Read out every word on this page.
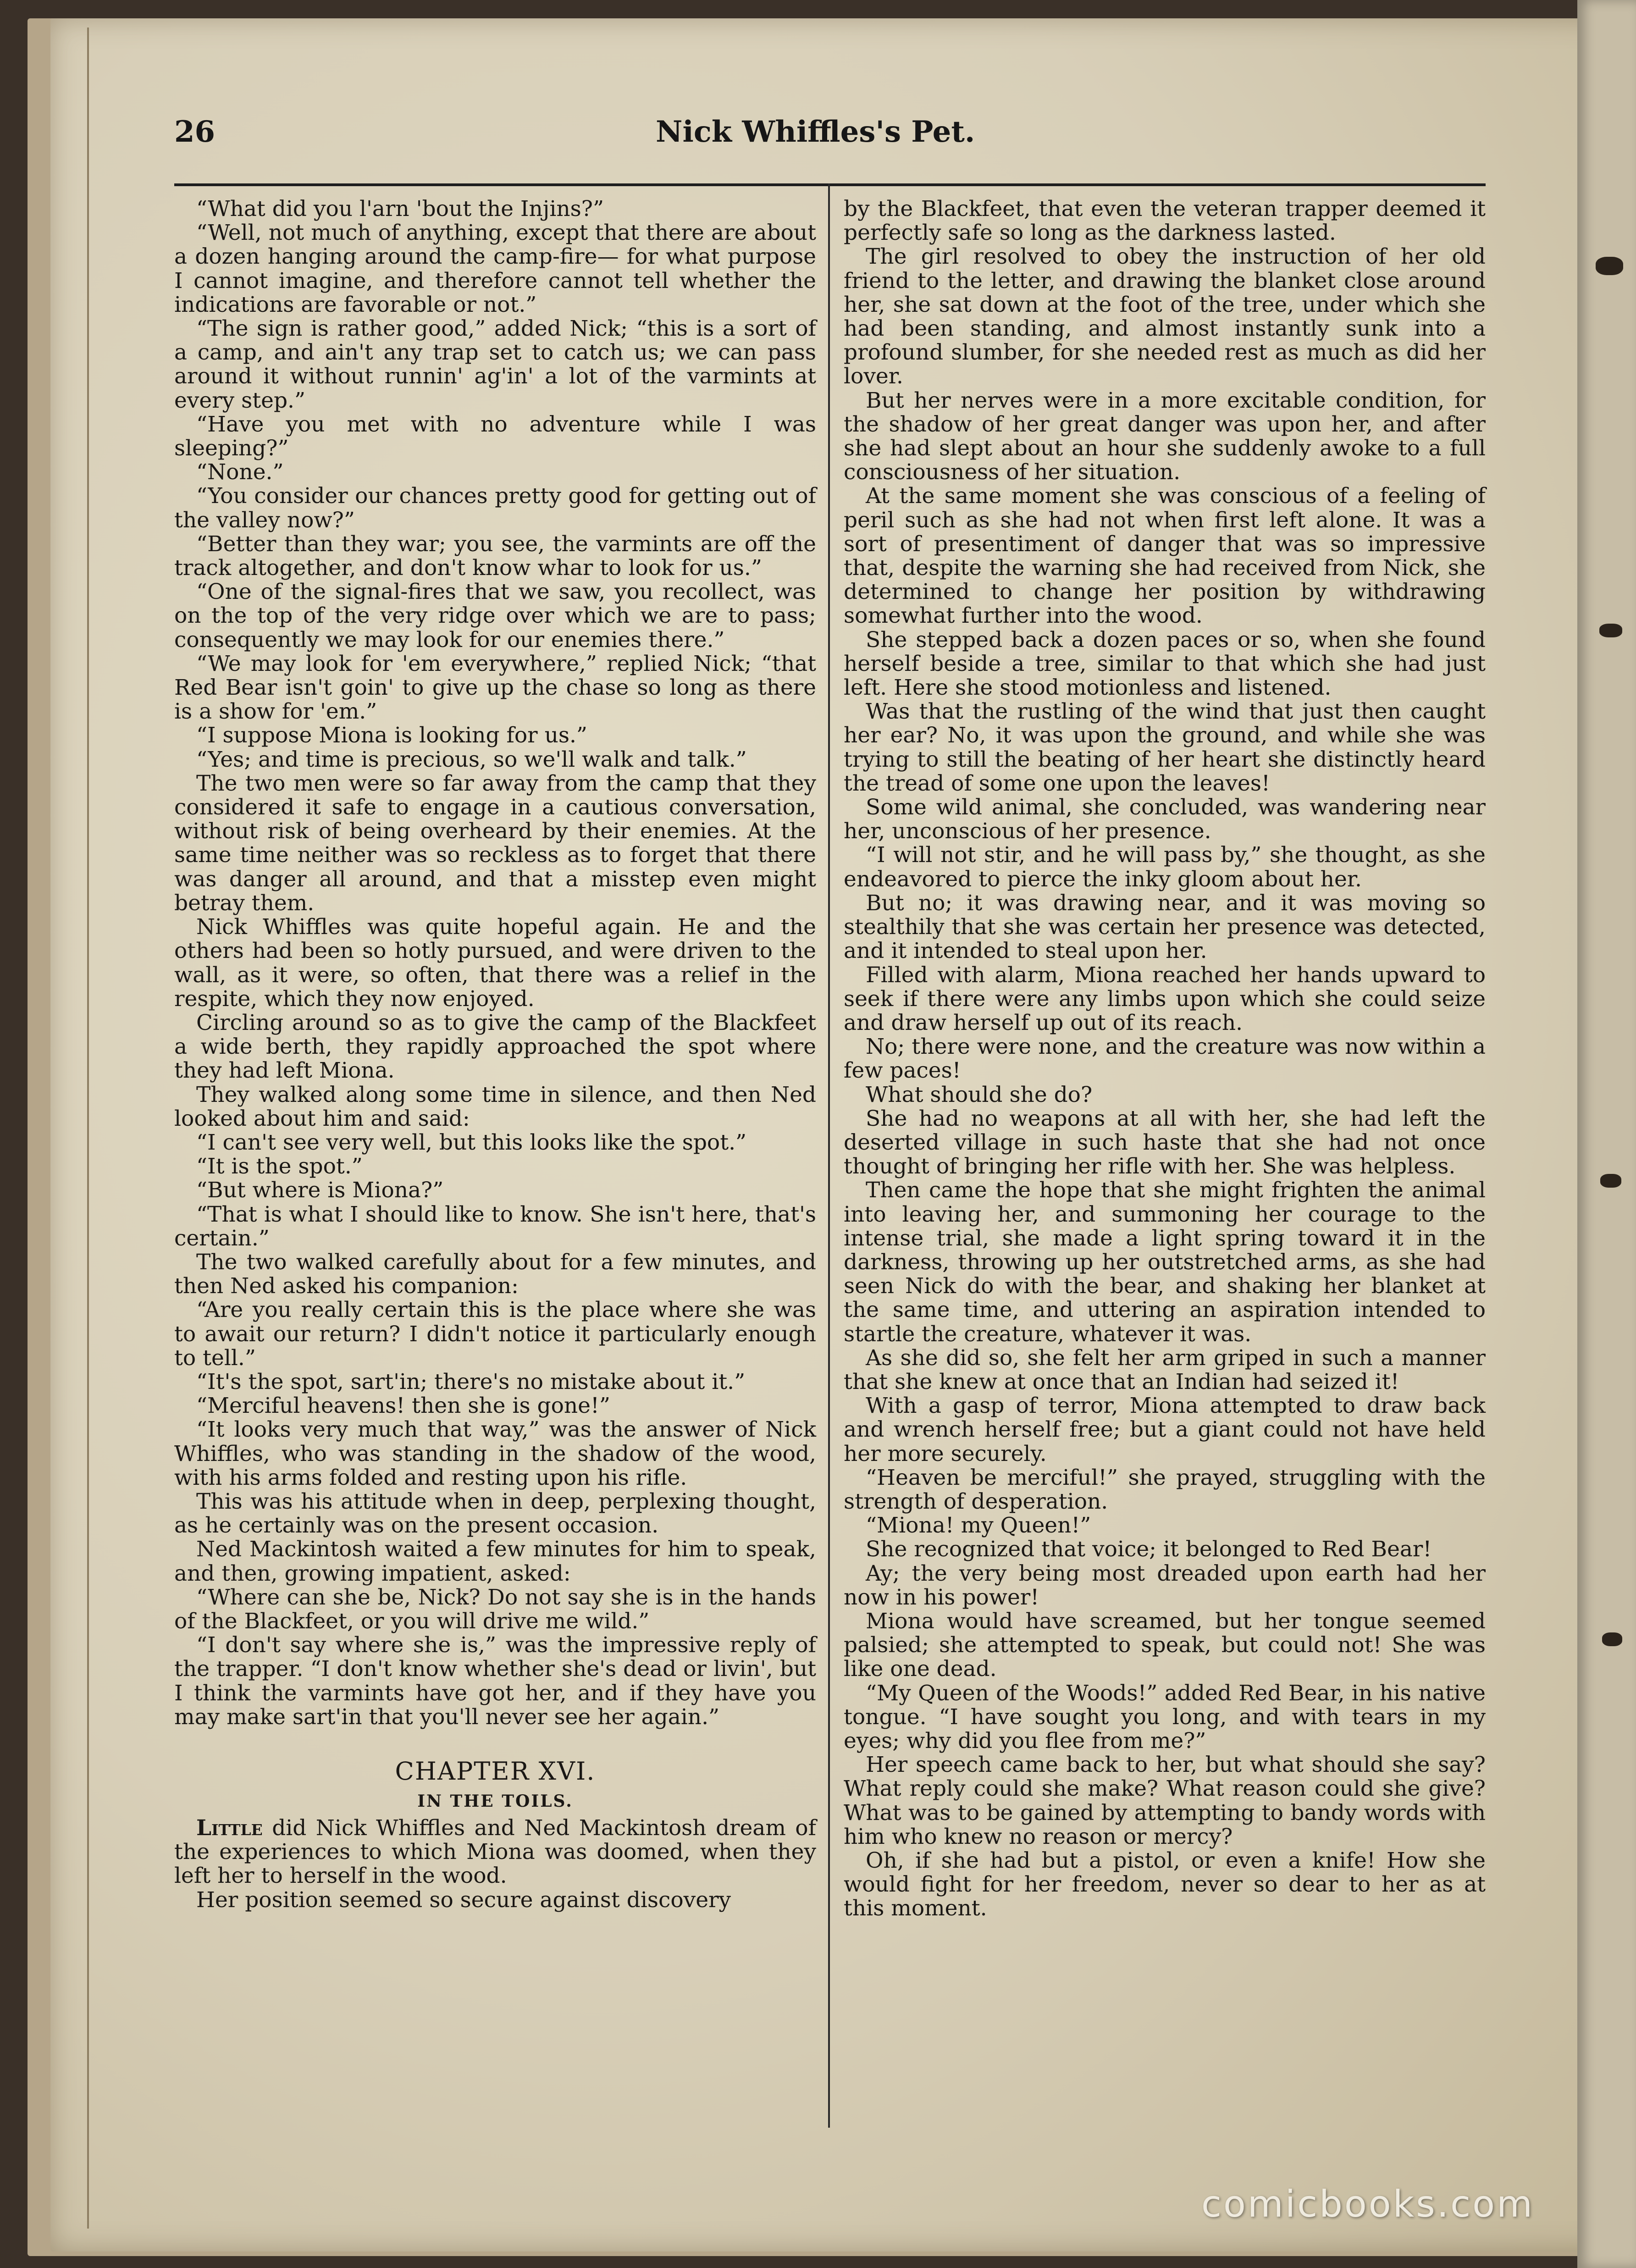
26	Nick Whiffles's Pet.

“What did you l'arn 'bout the Injins?”

“Well, not much of anything, except that there are about a dozen hanging around the camp-fire— for what purpose I cannot imagine, and therefore cannot tell whether the indications are favorable or not.”

“The sign is rather good,” added Nick; “this is a sort of a camp, and ain't any trap set to catch us; we can pass around it without runnin' ag'in' a lot of the varmints at every step.”

“Have you met with no adventure while I was sleeping?”

“None.”

“You consider our chances pretty good for getting out of the valley now?”

“Better than they war; you see, the varmints are off the track altogether, and don't know whar to look for us.”

“One of the signal-fires that we saw, you recollect, was on the top of the very ridge over which we are to pass; consequently we may look for our enemies there.”

“We may look for 'em everywhere,” replied Nick; “that Red Bear isn't goin' to give up the chase so long as there is a show for 'em.”

“I suppose Miona is looking for us.”

“Yes; and time is precious, so we'll walk and talk.”

The two men were so far away from the camp that they considered it safe to engage in a cautious conversation, without risk of being overheard by their enemies. At the same time neither was so reckless as to forget that there was danger all around, and that a misstep even might betray them.

Nick Whiffles was quite hopeful again. He and the others had been so hotly pursued, and were driven to the wall, as it were, so often, that there was a relief in the respite, which they now enjoyed.

Circling around so as to give the camp of the Blackfeet a wide berth, they rapidly approached the spot where they had left Miona.

They walked along some time in silence, and then Ned looked about him and said:

“I can't see very well, but this looks like the spot.”

“It is the spot.”

“But where is Miona?”

“That is what I should like to know. She isn't here, that's certain.”

The two walked carefully about for a few minutes, and then Ned asked his companion:

“Are you really certain this is the place where she was to await our return? I didn't notice it particularly enough to tell.”

“It's the spot, sart'in; there's no mistake about it.”

“Merciful heavens! then she is gone!”

“It looks very much that way,” was the answer of Nick Whiffles, who was standing in the shadow of the wood, with his arms folded and resting upon his rifle.

This was his attitude when in deep, perplexing thought, as he certainly was on the present occasion.

Ned Mackintosh waited a few minutes for him to speak, and then, growing impatient, asked:

“Where can she be, Nick? Do not say she is in the hands of the Blackfeet, or you will drive me wild.”

“I don't say where she is,” was the impressive reply of the trapper. “I don't know whether she's dead or livin', but I think the varmints have got her, and if they have you may make sart'in that you'll never see her again.”

CHAPTER XVI.
IN THE TOILS.

Little did Nick Whiffles and Ned Mackintosh dream of the experiences to which Miona was doomed, when they left her to herself in the wood.

Her position seemed so secure against discovery

by the Blackfeet, that even the veteran trapper deemed it perfectly safe so long as the darkness lasted.

The girl resolved to obey the instruction of her old friend to the letter, and drawing the blanket close around her, she sat down at the foot of the tree, under which she had been standing, and almost instantly sunk into a profound slumber, for she needed rest as much as did her lover.

But her nerves were in a more excitable condition, for the shadow of her great danger was upon her, and after she had slept about an hour she suddenly awoke to a full consciousness of her situation.

At the same moment she was conscious of a feeling of peril such as she had not when first left alone. It was a sort of presentiment of danger that was so impressive that, despite the warning she had received from Nick, she determined to change her position by withdrawing somewhat further into the wood.

She stepped back a dozen paces or so, when she found herself beside a tree, similar to that which she had just left. Here she stood motionless and listened.

Was that the rustling of the wind that just then caught her ear? No, it was upon the ground, and while she was trying to still the beating of her heart she distinctly heard the tread of some one upon the leaves!

Some wild animal, she concluded, was wandering near her, unconscious of her presence.

“I will not stir, and he will pass by,” she thought, as she endeavored to pierce the inky gloom about her.

But no; it was drawing near, and it was moving so stealthily that she was certain her presence was detected, and it intended to steal upon her.

Filled with alarm, Miona reached her hands upward to seek if there were any limbs upon which she could seize and draw herself up out of its reach.

No; there were none, and the creature was now within a few paces!

What should she do?

She had no weapons at all with her, she had left the deserted village in such haste that she had not once thought of bringing her rifle with her. She was helpless.

Then came the hope that she might frighten the animal into leaving her, and summoning her courage to the intense trial, she made a light spring toward it in the darkness, throwing up her outstretched arms, as she had seen Nick do with the bear, and shaking her blanket at the same time, and uttering an aspiration intended to startle the creature, whatever it was.

As she did so, she felt her arm griped in such a manner that she knew at once that an Indian had seized it!

With a gasp of terror, Miona attempted to draw back and wrench herself free; but a giant could not have held her more securely.

“Heaven be merciful!” she prayed, struggling with the strength of desperation.

“Miona! my Queen!”

She recognized that voice; it belonged to Red Bear!

Ay; the very being most dreaded upon earth had her now in his power!

Miona would have screamed, but her tongue seemed palsied; she attempted to speak, but could not! She was like one dead.

“My Queen of the Woods!” added Red Bear, in his native tongue. “I have sought you long, and with tears in my eyes; why did you flee from me?”

Her speech came back to her, but what should she say? What reply could she make? What reason could she give? What was to be gained by attempting to bandy words with him who knew no reason or mercy?

Oh, if she had but a pistol, or even a knife! How she would fight for her freedom, never so dear to her as at this moment.

comicbooks.com
